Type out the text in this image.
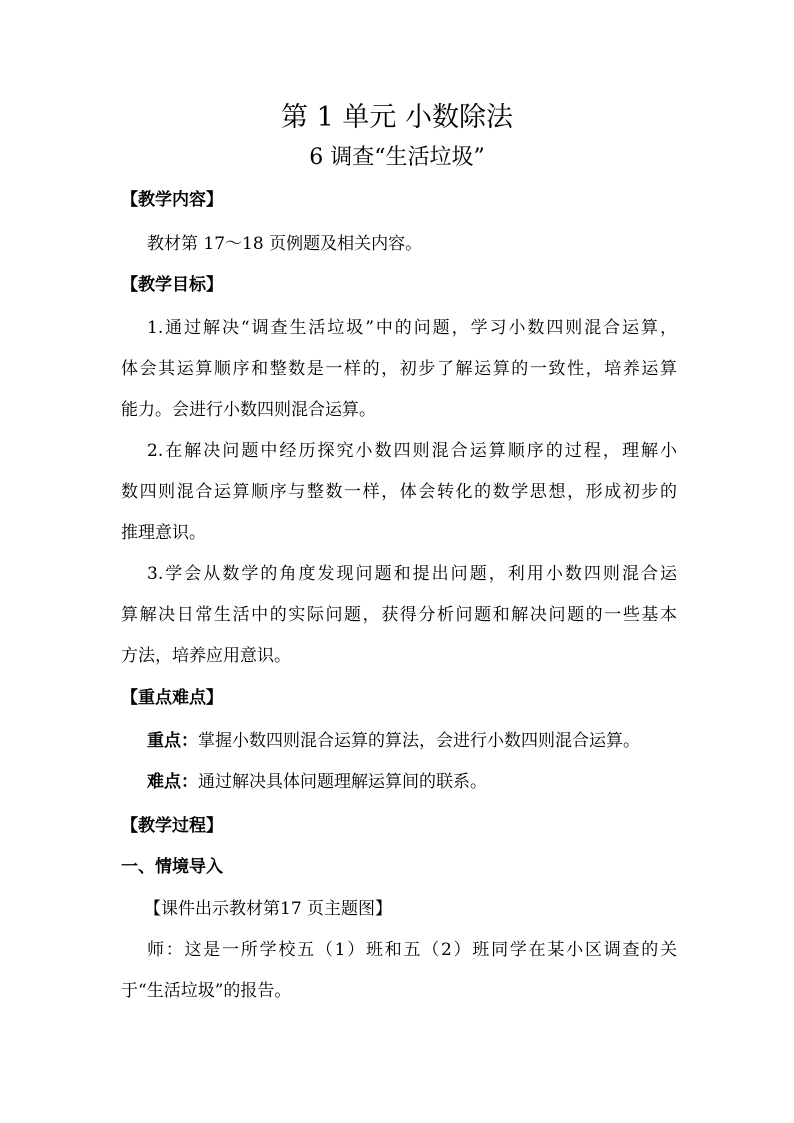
第 1 单元 小数除法
6 调查“生活垃圾”
【教学内容】
教材第 17～18 页例题及相关内容。
【教学目标】
1.通过解决“调查生活垃圾”中的问题，学习小数四则混合运算，
体会其运算顺序和整数是一样的，初步了解运算的一致性，培养运算
能力。会进行小数四则混合运算。
2.在解决问题中经历探究小数四则混合运算顺序的过程，理解小
数四则混合运算顺序与整数一样，体会转化的数学思想，形成初步的
推理意识。
3.学会从数学的角度发现问题和提出问题，利用小数四则混合运
算解决日常生活中的实际问题，获得分析问题和解决问题的一些基本
方法，培养应用意识。
【重点难点】
重点：掌握小数四则混合运算的算法，会进行小数四则混合运算。
难点：通过解决具体问题理解运算间的联系。
【教学过程】
一、情境导入
【课件出示教材第17 页主题图】
师：这是一所学校五（1）班和五（2）班同学在某小区调查的关
于“生活垃圾”的报告。
